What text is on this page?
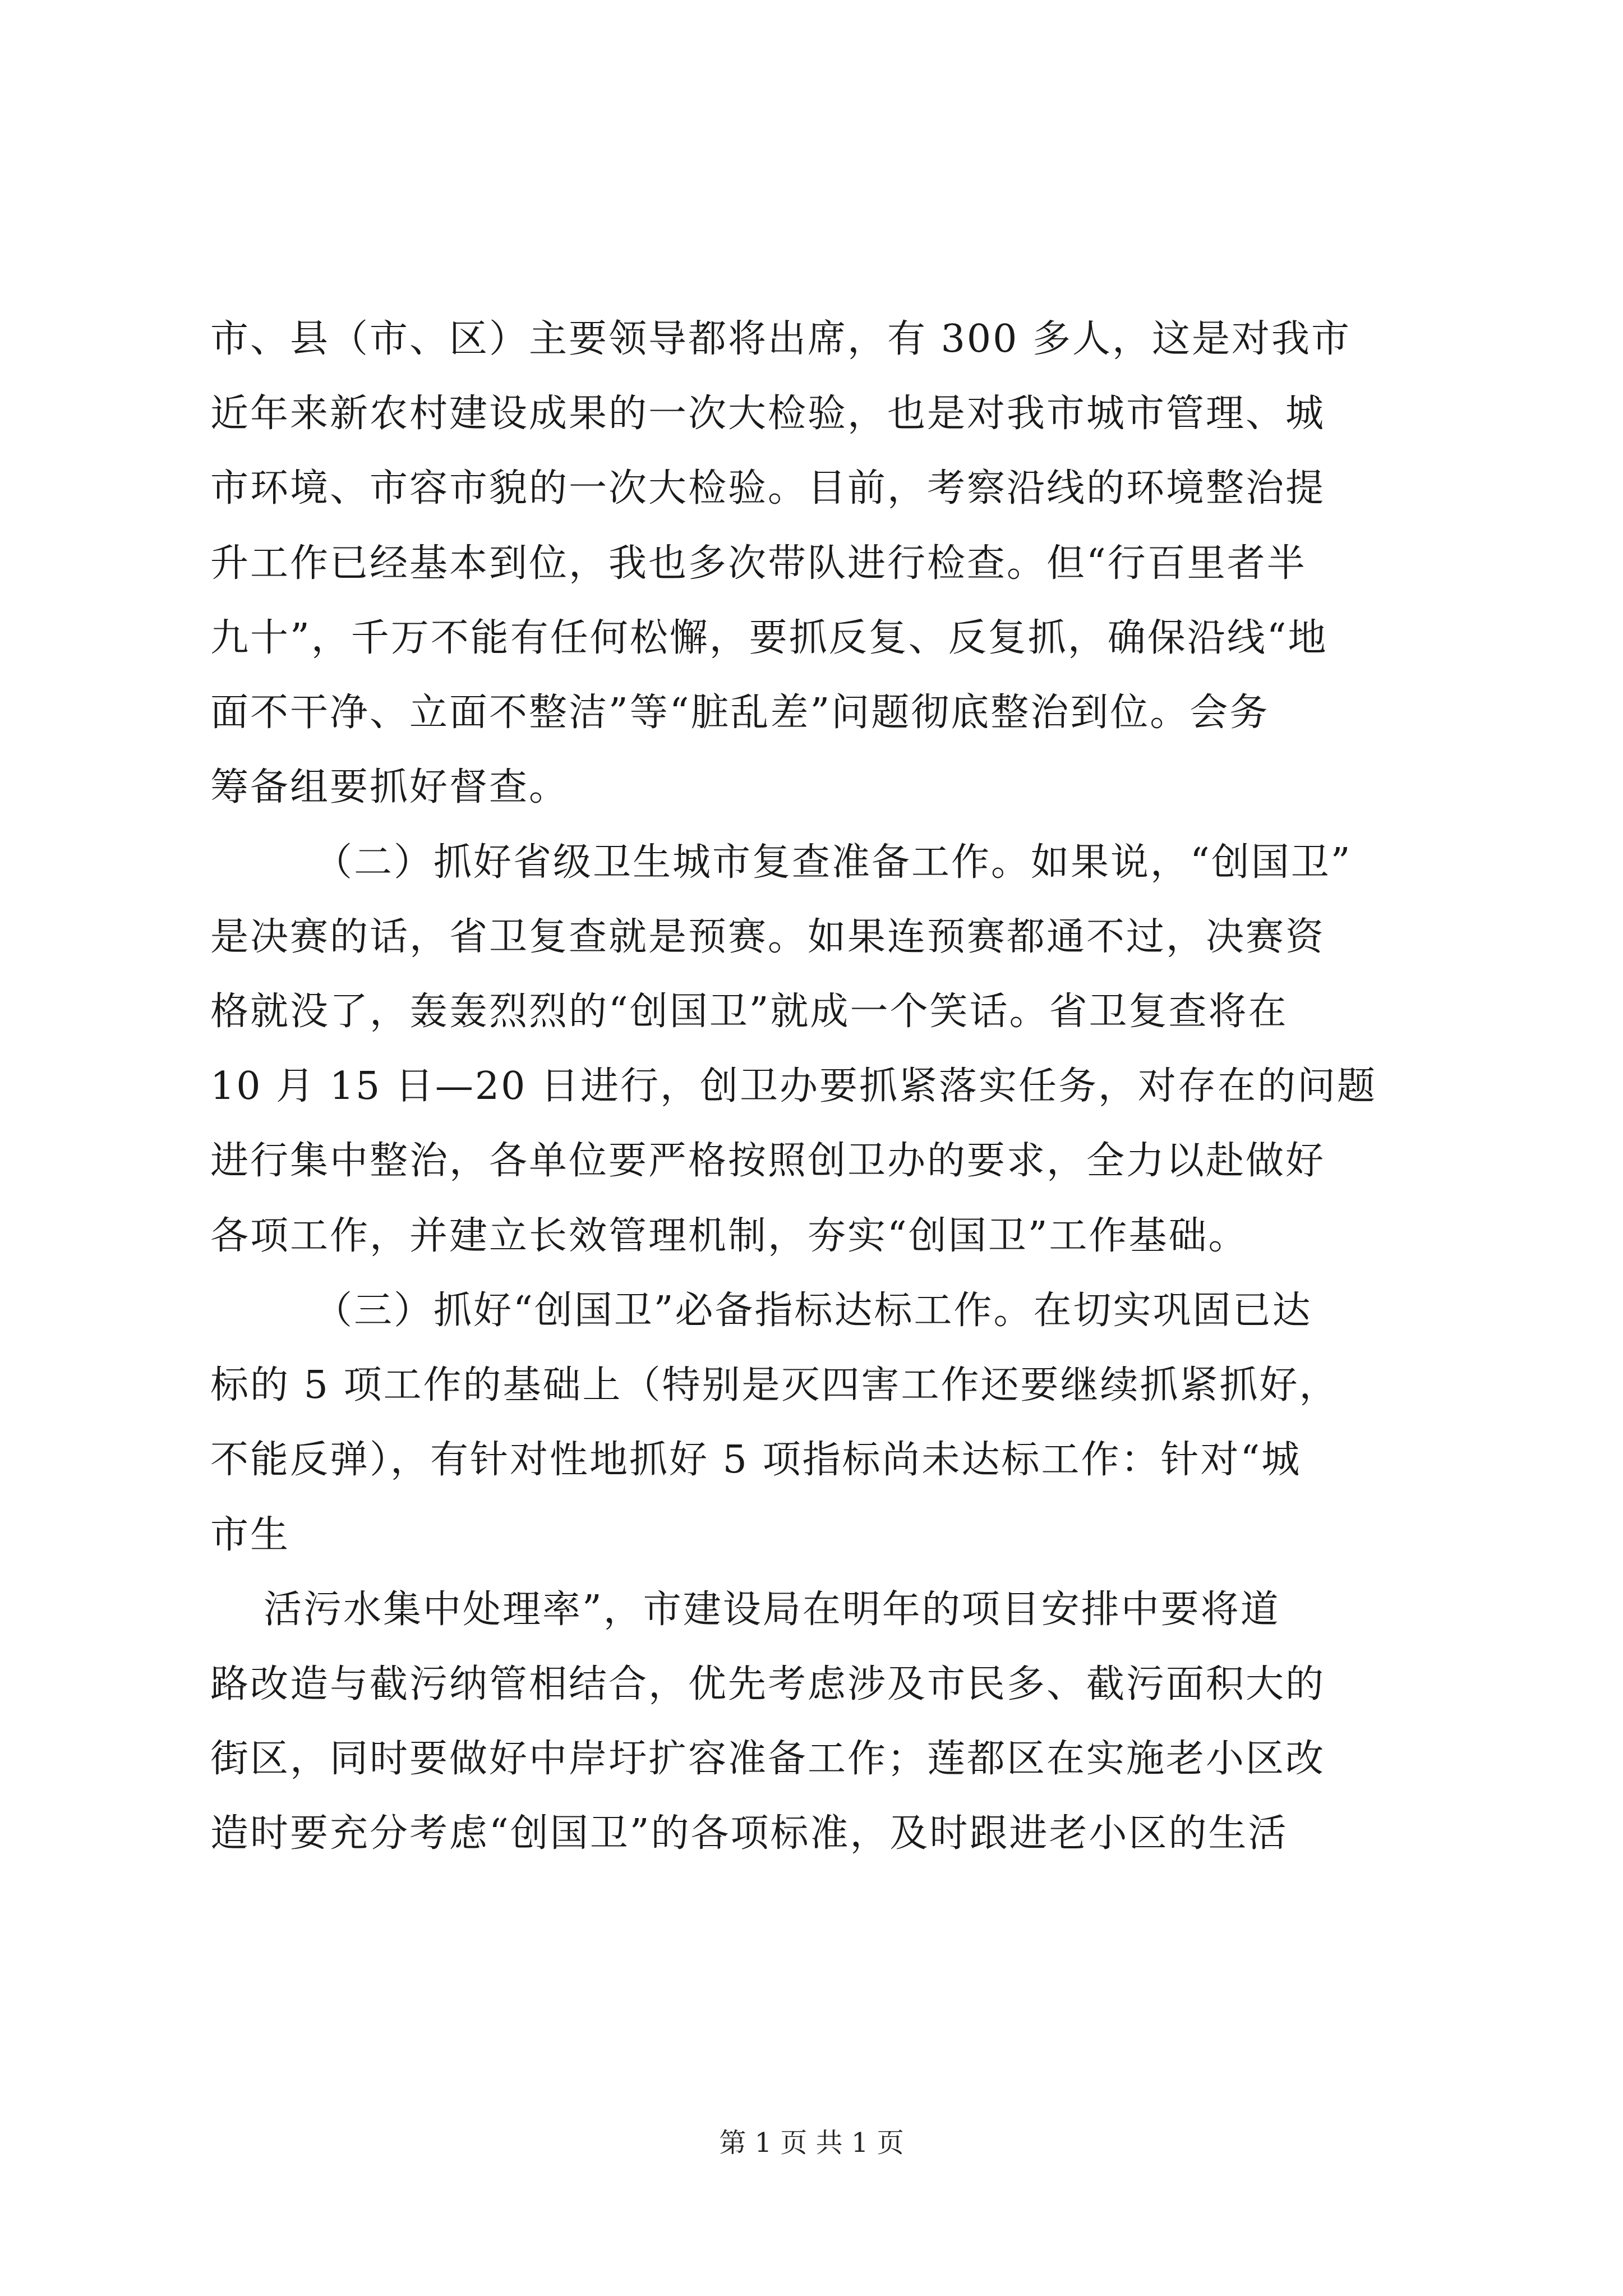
市、县（市、区）主要领导都将出席，有 300 多人，这是对我市
近年来新农村建设成果的一次大检验，也是对我市城市管理、城
市环境、市容市貌的一次大检验。目前，考察沿线的环境整治提
升工作已经基本到位，我也多次带队进行检查。但“行百里者半
九十”，千万不能有任何松懈，要抓反复、反复抓，确保沿线“地
面不干净、立面不整洁”等“脏乱差”问题彻底整治到位。会务
筹备组要抓好督查。
（二）抓好省级卫生城市复查准备工作。如果说，“创国卫”
是决赛的话，省卫复查就是预赛。如果连预赛都通不过，决赛资
格就没了，轰轰烈烈的“创国卫”就成一个笑话。省卫复查将在
10 月 15 日—20 日进行，创卫办要抓紧落实任务，对存在的问题
进行集中整治，各单位要严格按照创卫办的要求，全力以赴做好
各项工作，并建立长效管理机制，夯实“创国卫”工作基础。
（三）抓好“创国卫”必备指标达标工作。在切实巩固已达
标的 5 项工作的基础上（特别是灭四害工作还要继续抓紧抓好，
不能反弹），有针对性地抓好 5 项指标尚未达标工作：针对“城
市生
活污水集中处理率”，市建设局在明年的项目安排中要将道
路改造与截污纳管相结合，优先考虑涉及市民多、截污面积大的
街区，同时要做好中岸圩扩容准备工作；莲都区在实施老小区改
造时要充分考虑“创国卫”的各项标准，及时跟进老小区的生活
第 1 页 共 1 页
